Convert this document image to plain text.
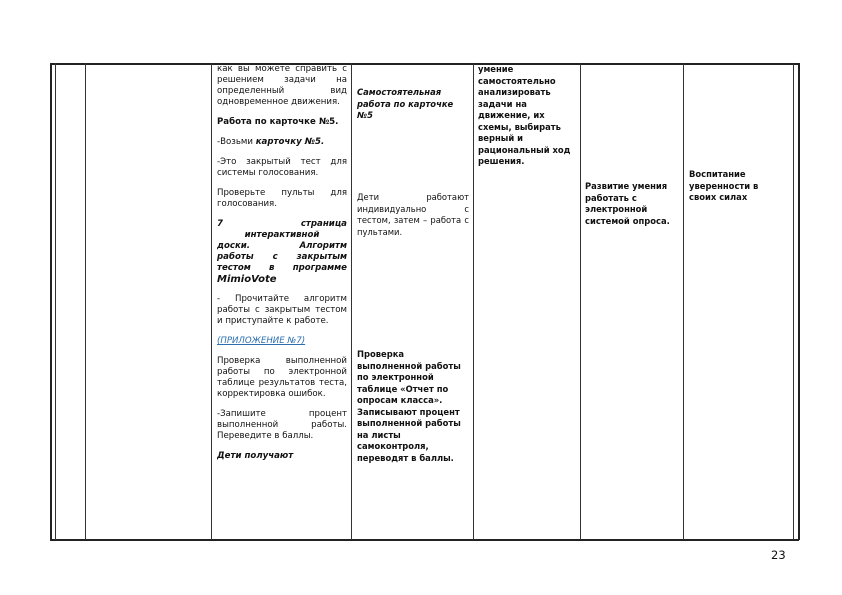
как вы можете справить с решением задачи на определенный вид одновременное движения.

Работа по карточке №5.

-Возьми карточку №5.

-Это закрытый тест для системы голосования.

Проверьте пульты для голосования.

7 страница

интерактивной

доски. Алгоритм

работы с закрытым

тестом в программе

MimioVote

- Прочитайте алгоритм работы с закрытым тестом и приступайте к работе.

(ПРИЛОЖЕНИЕ №7)

Проверка выполненной работы по электронной таблице результатов теста, корректировка ошибок.

-Запишите процент выполненной работы. Переведите в баллы.

Дети получают

Самостоятельная работа по карточке №5
Дети работают индивидуально с тестом, затем – работа с пультами.
Проверка выполненной работы по электронной таблице «Отчет по опросам класса». Записывают процент выполненной работы на листы самоконтроля, переводят в баллы.
умение самостоятельно анализировать задачи на движение, их схемы, выбирать верный и рациональный ход решения.
Развитие умения работать с электронной системой опроса.
Воспитание уверенности в своих силах
23
